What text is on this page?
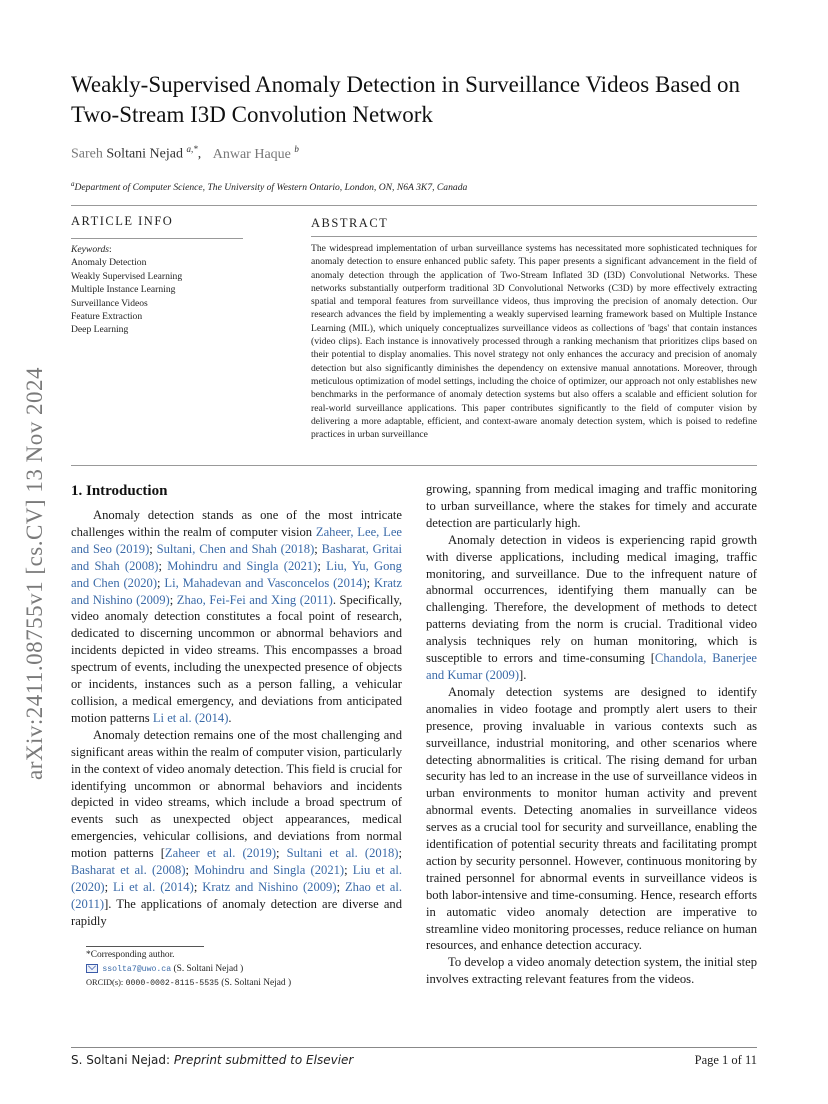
arXiv:2411.08755v1 [cs.CV] 13 Nov 2024
Weakly-Supervised Anomaly Detection in Surveillance Videos Based on Two-Stream I3D Convolution Network
Sareh Soltani Nejad $^{a,*}$, Anwar Haque $^b$
$^a$Department of Computer Science, The University of Western Ontario, London, ON, N6A 3K7, Canada
ARTICLE INFO	ABSTRACT
Keywords:
Anomaly Detection
Weakly Supervised Learning
Multiple Instance Learning
Surveillance Videos
Feature Extraction
Deep Learning

The widespread implementation of urban surveillance systems has necessitated more sophisticated techniques for anomaly detection to ensure enhanced public safety. This paper presents a significant advancement in the field of anomaly detection through the application of Two-Stream Inflated 3D (I3D) Convolutional Networks. These networks substantially outperform traditional 3D Convolutional Networks (C3D) by more effectively extracting spatial and temporal features from surveillance videos, thus improving the precision of anomaly detection. Our research advances the field by implementing a weakly supervised learning framework based on Multiple Instance Learning (MIL), which uniquely conceptualizes surveillance videos as collections of 'bags' that contain instances (video clips). Each instance is innovatively processed through a ranking mechanism that prioritizes clips based on their potential to display anomalies. This novel strategy not only enhances the accuracy and precision of anomaly detection but also significantly diminishes the dependency on extensive manual annotations. Moreover, through meticulous optimization of model settings, including the choice of optimizer, our approach not only establishes new benchmarks in the performance of anomaly detection systems but also offers a scalable and efficient solution for real-world surveillance applications. This paper contributes significantly to the field of computer vision by delivering a more adaptable, efficient, and context-aware anomaly detection system, which is poised to redefine practices in urban surveillance

1. Introduction

Anomaly detection stands as one of the most intricate challenges within the realm of computer vision Zaheer, Lee, Lee and Seo (2019); Sultani, Chen and Shah (2018); Basharat, Gritai and Shah (2008); Mohindru and Singla (2021); Liu, Yu, Gong and Chen (2020); Li, Mahadevan and Vasconcelos (2014); Kratz and Nishino (2009); Zhao, Fei-Fei and Xing (2011). Specifically, video anomaly detection constitutes a focal point of research, dedicated to discerning uncommon or abnormal behaviors and incidents depicted in video streams. This encompasses a broad spectrum of events, including the unexpected presence of objects or incidents, instances such as a person falling, a vehicular collision, a medical emergency, and deviations from anticipated motion patterns Li et al. (2014).

Anomaly detection remains one of the most challenging and significant areas within the realm of computer vision, particularly in the context of video anomaly detection. This field is crucial for identifying uncommon or abnormal behaviors and incidents depicted in video streams, which include a broad spectrum of events such as unexpected object appearances, medical emergencies, vehicular collisions, and deviations from normal motion patterns [Zaheer et al. (2019); Sultani et al. (2018); Basharat et al. (2008); Mohindru and Singla (2021); Liu et al. (2020); Li et al. (2014); Kratz and Nishino (2009); Zhao et al. (2011)]. The applications of anomaly detection are diverse and rapidly

growing, spanning from medical imaging and traffic monitoring to urban surveillance, where the stakes for timely and accurate detection are particularly high.

Anomaly detection in videos is experiencing rapid growth with diverse applications, including medical imaging, traffic monitoring, and surveillance. Due to the infrequent nature of abnormal occurrences, identifying them manually can be challenging. Therefore, the development of methods to detect patterns deviating from the norm is crucial. Traditional video analysis techniques rely on human monitoring, which is susceptible to errors and time-consuming [Chandola, Banerjee and Kumar (2009)].

Anomaly detection systems are designed to identify anomalies in video footage and promptly alert users to their presence, proving invaluable in various contexts such as surveillance, industrial monitoring, and other scenarios where detecting abnormalities is critical. The rising demand for urban security has led to an increase in the use of surveillance videos in urban environments to monitor human activity and prevent abnormal events. Detecting anomalies in surveillance videos serves as a crucial tool for security and surveillance, enabling the identification of potential security threats and facilitating prompt action by security personnel. However, continuous monitoring by trained personnel for abnormal events in surveillance videos is both labor-intensive and time-consuming. Hence, research efforts in automatic video anomaly detection are imperative to streamline video monitoring processes, reduce reliance on human resources, and enhance detection accuracy.

To develop a video anomaly detection system, the initial step involves extracting relevant features from the videos.

*Corresponding author.
ssolta7@uwo.ca (S. Soltani Nejad )
ORCID(s): 0000-0002-8115-5535 (S. Soltani Nejad )
S. Soltani Nejad: Preprint submitted to Elsevier	Page 1 of 11
